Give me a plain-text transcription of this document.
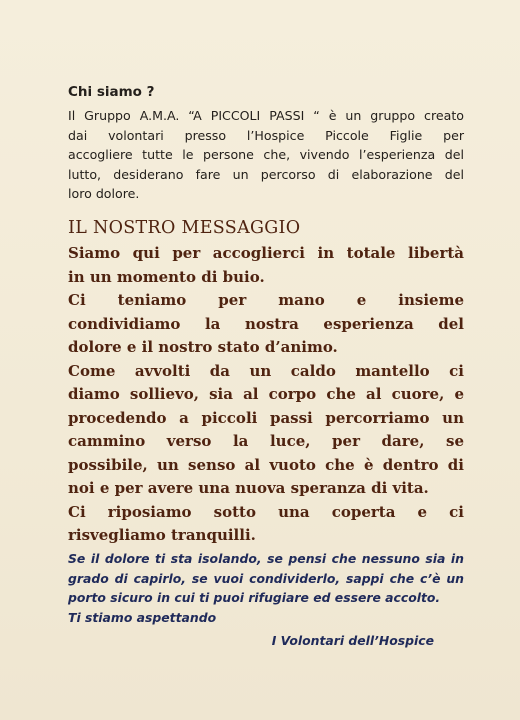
Chi siamo ?
Il Gruppo A.M.A. “A PICCOLI PASSI “ è un gruppo creato
dai volontari presso l’Hospice Piccole Figlie per
accogliere tutte le persone che, vivendo l’esperienza del
lutto, desiderano fare un percorso di elaborazione del
loro dolore.
IL NOSTRO MESSAGGIO

Siamo qui per accoglierci in totale libertà
in un momento di buio.

Ci teniamo per mano e insieme
condividiamo la nostra esperienza del
dolore e il nostro stato d’animo.

Come avvolti da un caldo mantello ci
diamo sollievo, sia al corpo che al cuore, e
procedendo a piccoli passi percorriamo un
cammino verso la luce, per dare, se
possibile, un senso al vuoto che è dentro di
noi e per avere una nuova speranza di vita.

Ci riposiamo sotto una coperta e ci
risvegliamo tranquilli.

Se il dolore ti sta isolando, se pensi che nessuno sia in
grado di capirlo, se vuoi condividerlo, sappi che c’è un
porto sicuro in cui ti puoi rifugiare ed essere accolto.
Ti stiamo aspettando
I Volontari dell’Hospice
